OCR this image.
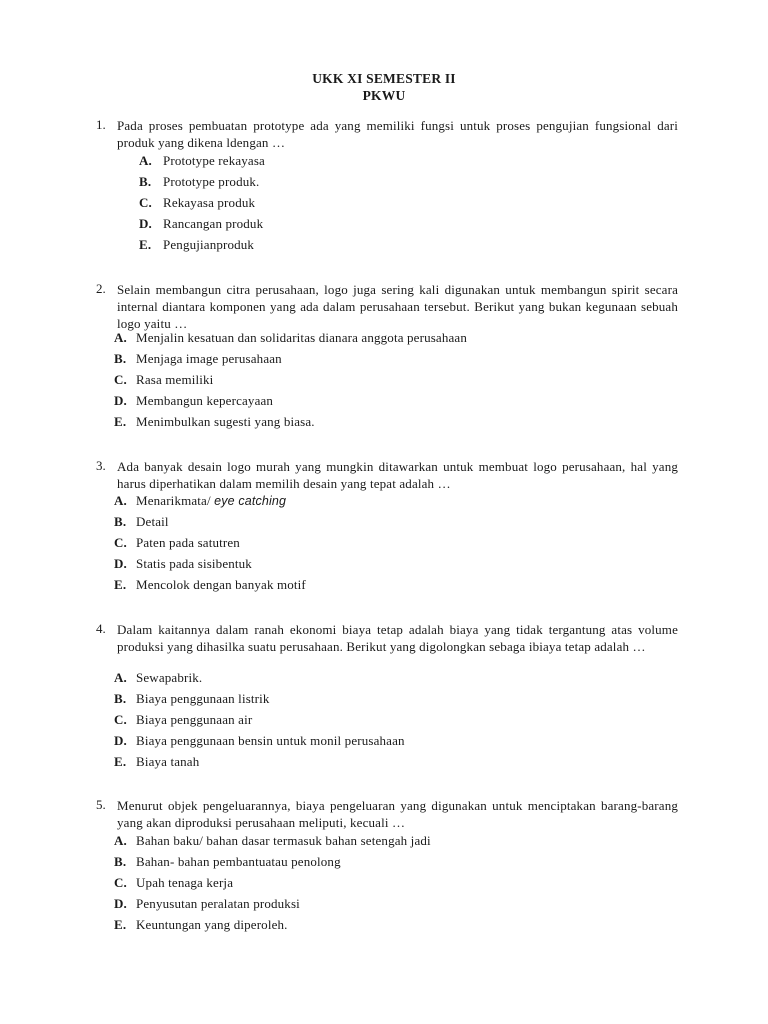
UKK XI SEMESTER II
PKWU
1. Pada proses pembuatan prototype ada yang memiliki fungsi untuk proses pengujian fungsional dari produk yang dikena ldengan …
A. Prototype rekayasa
B. Prototype produk.
C. Rekayasa produk
D. Rancangan produk
E. Pengujianproduk
2. Selain membangun citra perusahaan, logo juga sering kali digunakan untuk membangun spirit secara internal diantara komponen yang ada dalam perusahaan tersebut. Berikut yang bukan kegunaan sebuah logo yaitu …
A. Menjalin kesatuan dan solidaritas dianara anggota perusahaan
B. Menjaga image perusahaan
C. Rasa memiliki
D. Membangun kepercayaan
E. Menimbulkan sugesti yang biasa.
3. Ada banyak desain logo murah yang mungkin ditawarkan untuk membuat logo perusahaan, hal yang harus diperhatikan dalam memilih desain yang tepat adalah …
A. Menarikmata/ eye catching
B. Detail
C. Paten pada satutren
D. Statis pada sisibentuk
E. Mencolok dengan banyak motif
4. Dalam kaitannya dalam ranah ekonomi biaya tetap adalah biaya yang tidak tergantung atas volume produksi yang dihasilka suatu perusahaan. Berikut yang digolongkan sebaga ibiaya tetap adalah …
A. Sewapabrik.
B. Biaya penggunaan listrik
C. Biaya penggunaan air
D. Biaya penggunaan bensin untuk monil perusahaan
E. Biaya tanah
5. Menurut objek pengeluarannya, biaya pengeluaran yang digunakan untuk menciptakan barang-barang yang akan diproduksi perusahaan meliputi, kecuali …
A. Bahan baku/ bahan dasar termasuk bahan setengah jadi
B. Bahan- bahan pembantuatau penolong
C. Upah tenaga kerja
D. Penyusutan peralatan produksi
E. Keuntungan yang diperoleh.
